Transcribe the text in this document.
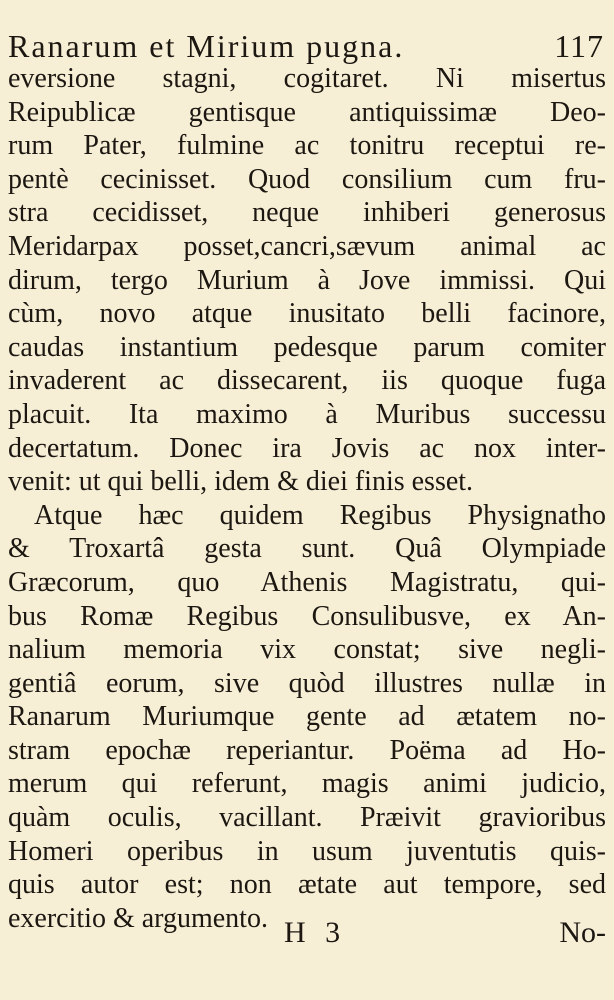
Ranarum et Mirium pugna.	117
eversione stagni, cogitaret. Ni misertus
Reipublicæ gentisque antiquissimæ Deo-
rum Pater, fulmine ac tonitru receptui re-
pentè cecinisset. Quod consilium cum fru-
stra cecidisset, neque inhiberi generosus
Meridarpax posset,cancri,sævum animal ac
dirum, tergo Murium à Jove immissi. Qui
cùm, novo atque inusitato belli facinore,
caudas instantium pedesque parum comiter
invaderent ac dissecarent, iis quoque fuga
placuit. Ita maximo à Muribus successu
decertatum. Donec ira Jovis ac nox inter-
venit: ut qui belli, idem & diei finis esset.
Atque hæc quidem Regibus Physignatho
& Troxartâ gesta sunt. Quâ Olympiade
Græcorum, quo Athenis Magistratu, qui-
bus Romæ Regibus Consulibusve, ex An-
nalium memoria vix constat; sive negli-
gentiâ eorum, sive quòd illustres nullæ in
Ranarum Muriumque gente ad ætatem no-
stram epochæ reperiantur. Poëma ad Ho-
merum qui referunt, magis animi judicio,
quàm oculis, vacillant. Præivit gravioribus
Homeri operibus in usum juventutis quis-
quis autor est; non ætate aut tempore, sed
exercitio & argumento. H 3	No-
